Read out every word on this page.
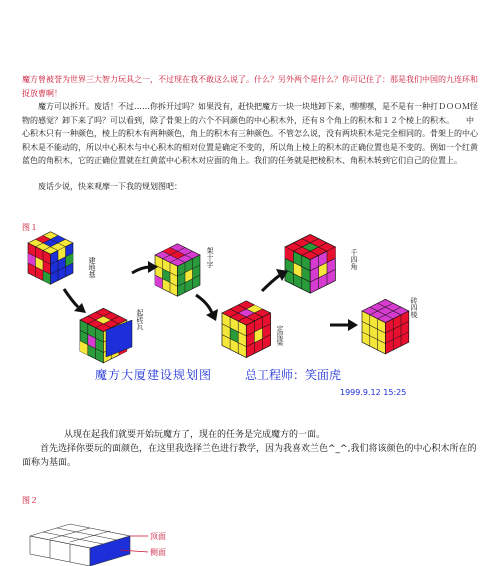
魔方曾被誉为世界三大智力玩具之一，不过现在我不敢这么说了。什么？另外两个是什么？你可记住了：那是我们中国的九连环和捉放曹啊！
　　魔方可以拆开。废话！不过……你拆开过吗？如果没有，赶快把魔方一块一块地卸下来，嘿嘿嘿，是不是有一种打ＤＯＯＭ怪物的感觉？卸下来了吗？可以看到，除了骨架上的六个不同颜色的中心积木外，还有８个角上的积木和１２个棱上的积木。　　中心积木只有一种颜色，棱上的积木有两种颜色，角上的积木有三种颜色。不管怎么说，没有两块积木是完全相同的。骨架上的中心积木是不能动的，所以中心积木与中心积木的相对位置是确定不变的，所以角上棱上的积木的正确位置也是不变的。例如一个红黄蓝色的角积木，它的正确位置就在红黄蓝中心积木对应面的角上。我们的任务就是把棱积木、角积木转到它们自己的位置上。
　　废话少说，快来观摩一下我的规划图吧：
图１
建地基	架十字	千四角
起砖瓦
定屋梁
砖四棱
魔方大厦建设规划图	总工程师：笑面虎
1999.9.12 15:25
从现在起我们就要开始玩魔方了，现在的任务是完成魔方的一面。
　　首先选择你要玩的面颜色，在这里我选择兰色进行教学，因为我喜欢兰色^_^,我们将该颜色的中心积木所在的面称为基面。
图２
顶面
侧面
